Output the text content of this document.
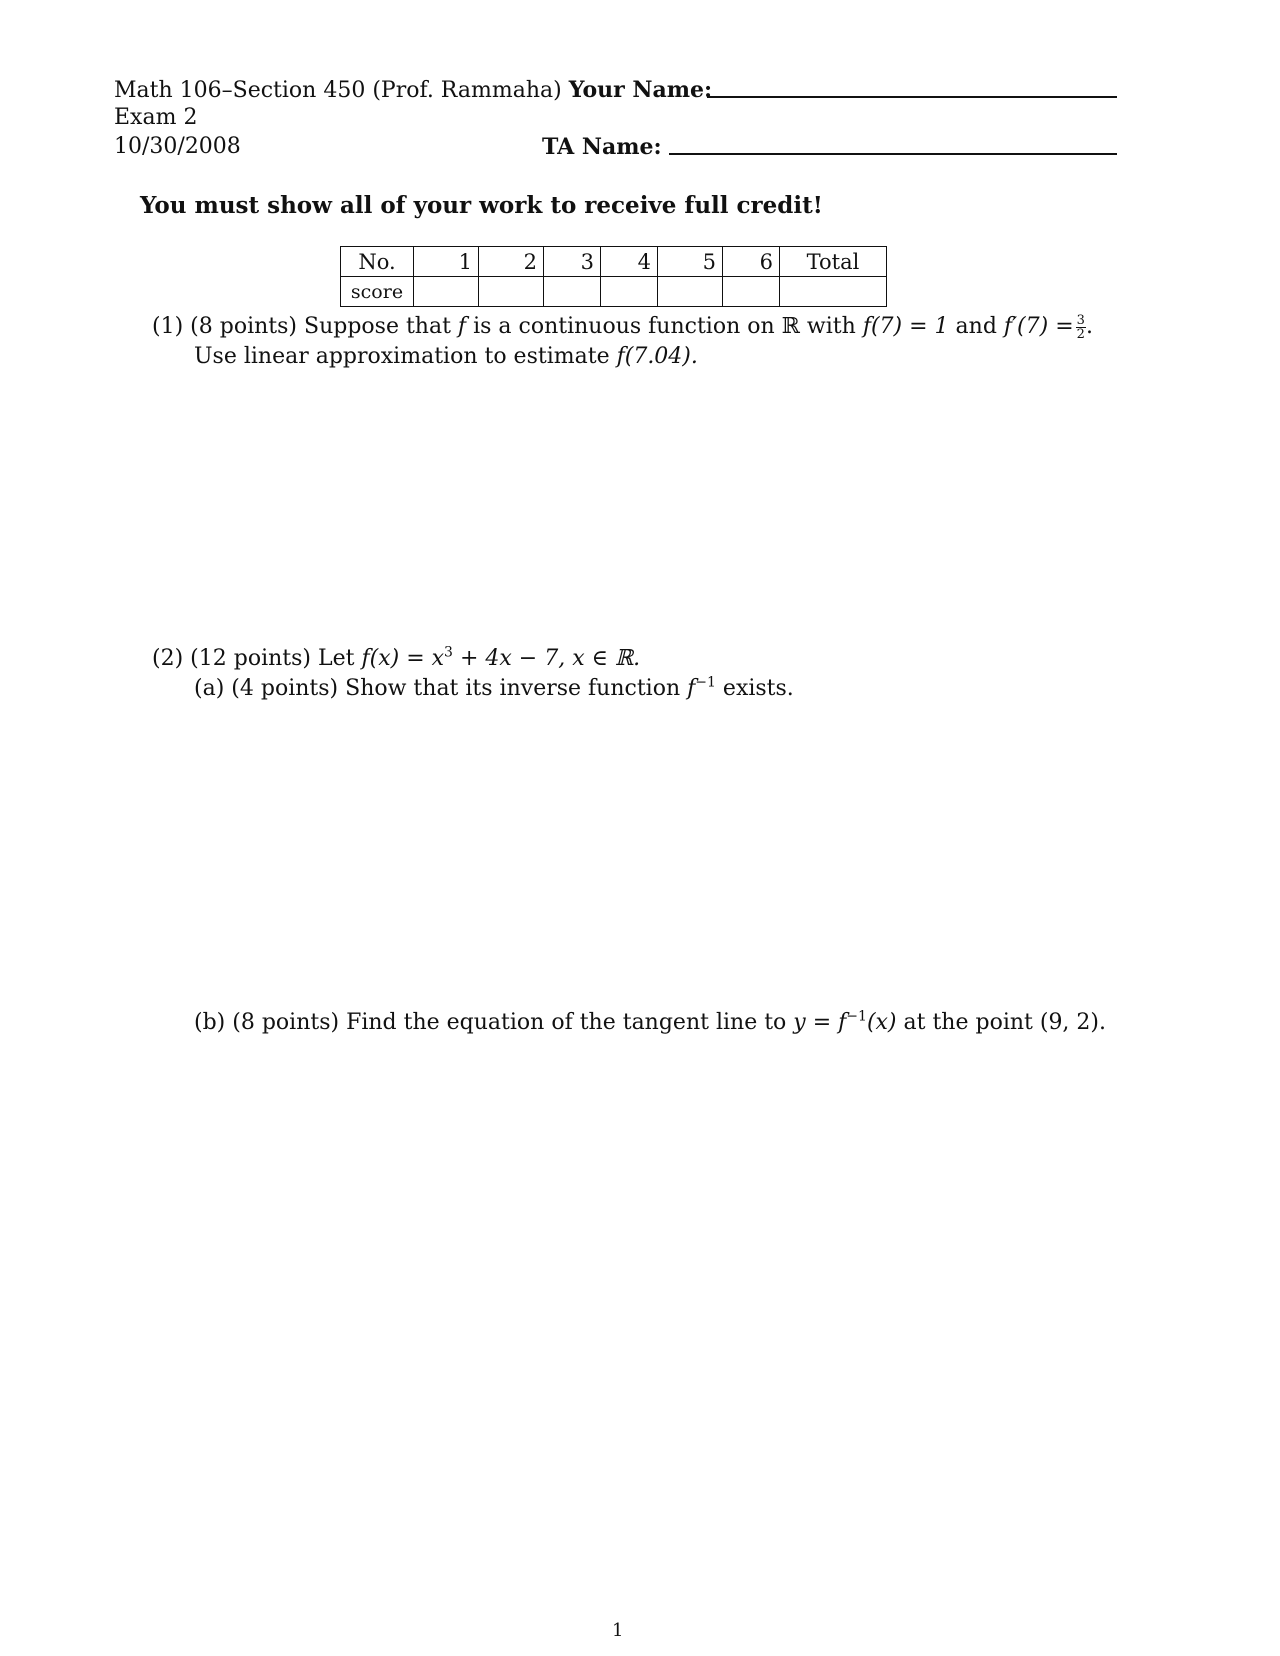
Math 106–Section 450 (Prof. Rammaha) Your Name:
Exam 2
10/30/2008	TA Name:
You must show all of your work to receive full credit!
No.	1	2	3	4	5	6	Total
score							
(1) (8 points) Suppose that f is a continuous function on ℝ with f(7) = 1 and $f'(7) = \frac{3}{2}$ .
Use linear approximation to estimate f(7.04).
(2) (12 points) Let $f(x) = x^3 + 4x - 7$, x ∈ ℝ.
(a) (4 points) Show that its inverse function $f^{-1}$ exists.
(b) (8 points) Find the equation of the tangent line to $y = f^{-1}(x)$ at the point (9, 2).
1
